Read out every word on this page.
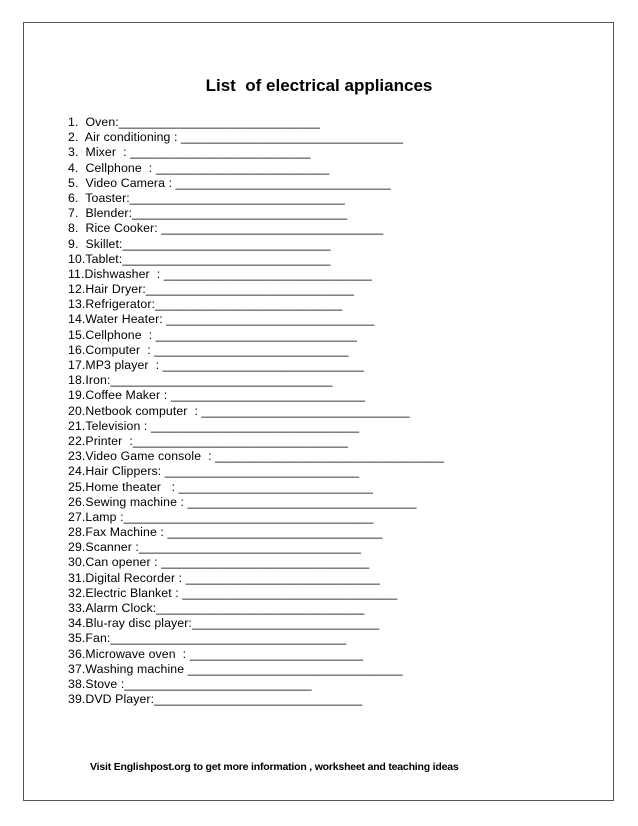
List  of electrical appliances
1.  Oven:_____________________________
2.  Air conditioning : ________________________________
3.  Mixer  : __________________________
4.  Cellphone  : _________________________
5.  Video Camera : _______________________________
6.  Toaster:_______________________________
7.  Blender:_______________________________
8.  Rice Cooker: ________________________________
9.  Skillet:______________________________
10.Tablet:______________________________
11.Dishwasher  : ______________________________
12.Hair Dryer:______________________________
13.Refrigerator:___________________________
14.Water Heater: ______________________________
15.Cellphone  : _____________________________
16.Computer  : ____________________________
17.MP3 player  : _____________________________
18.Iron:________________________________
19.Coffee Maker : ____________________________
20.Netbook computer  : ______________________________
21.Television : ______________________________
22.Printer  :_______________________________
23.Video Game console  : _________________________________
24.Hair Clippers: ____________________________
25.Home theater   : ____________________________
26.Sewing machine : _________________________________
27.Lamp :____________________________________
28.Fax Machine : _______________________________
29.Scanner :________________________________
30.Can opener : ______________________________
31.Digital Recorder : ____________________________
32.Electric Blanket : _______________________________
33.Alarm Clock:______________________________
34.Blu-ray disc player:___________________________
35.Fan:__________________________________
36.Microwave oven  : _________________________
37.Washing machine _______________________________
38.Stove :___________________________
39.DVD Player:______________________________
Visit Englishpost.org to get more information , worksheet and teaching ideas
